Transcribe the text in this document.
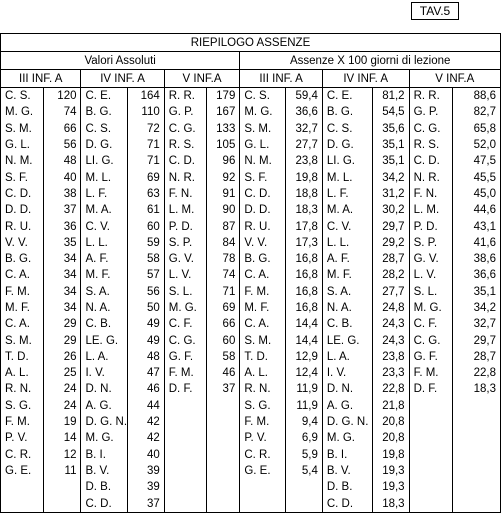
TAV.5
RIEPILOGO ASSENZE											
Valori Assoluti						Assenze X 100 giorni di lezione					
III INF. A		IV INF. A		V INF.A		III INF. A		IV INF. A		V INF.A	
C. S.	120	C. E.	164	R. R.	179	C. S.	59,4	C. E.	81,2	R. R.	88,6
M. G.	74	B. G.	110	G. P.	167	M. G.	36,6	B. G.	54,5	G. P.	82,7
S. M.	66	C. S.	72	C. G.	133	S. M.	32,7	C. S.	35,6	C. G.	65,8
G. L.	56	D. G.	71	R. S.	105	G. L.	27,7	D. G.	35,1	R. S.	52,0
N. M.	48	LI. G.	71	C. D.	96	N. M.	23,8	LI. G.	35,1	C. D.	47,5
S. F.	40	M. L.	69	N. R.	92	S. F.	19,8	M. L.	34,2	N. R.	45,5
C. D.	38	L. F.	63	F. N.	91	C. D.	18,8	L. F.	31,2	F. N.	45,0
D. D.	37	M. A.	61	L. M.	90	D. D.	18,3	M. A.	30,2	L. M.	44,6
R. U.	36	C. V.	60	P. D.	87	R. U.	17,8	C. V.	29,7	P. D.	43,1
V. V.	35	L. L.	59	S. P.	84	V. V.	17,3	L. L.	29,2	S. P.	41,6
B. G.	34	A. F.	58	G. V.	78	B. G.	16,8	A. F.	28,7	G. V.	38,6
C. A.	34	M. F.	57	L. V.	74	C. A.	16,8	M. F.	28,2	L. V.	36,6
F. M.	34	S. A.	56	S. L.	71	F. M.	16,8	S. A.	27,7	S. L.	35,1
M. F.	34	N. A.	50	M. G.	69	M. F.	16,8	N. A.	24,8	M. G.	34,2
C. A.	29	C. B.	49	C. F.	66	C. A.	14,4	C. B.	24,3	C. F.	32,7
S. M.	29	LE. G.	49	C. G.	60	S. M.	14,4	LE. G.	24,3	C. G.	29,7
T. D.	26	L. A.	48	G. F.	58	T. D.	12,9	L. A.	23,8	G. F.	28,7
A. L.	25	I. V.	47	F. M.	46	A. L.	12,4	I. V.	23,3	F. M.	22,8
R. N.	24	D. N.	46	D. F.	37	R. N.	11,9	D. N.	22,8	D. F.	18,3
S. G.	24	A. G.	44			S. G.	11,9	A. G.	21,8		
F. M.	19	D. G. N.	42			F. M.	9,4	D. G. N.	20,8		
P. V.	14	M. G.	42			P. V.	6,9	M. G.	20,8		
C. R.	12	B. I.	40			C. R.	5,9	B. I.	19,8		
G. E.	11	B. V.	39			G. E.	5,4	B. V.	19,3		
		D. B.	39					D. B.	19,3		
		C. D.	37					C. D.	18,3		
